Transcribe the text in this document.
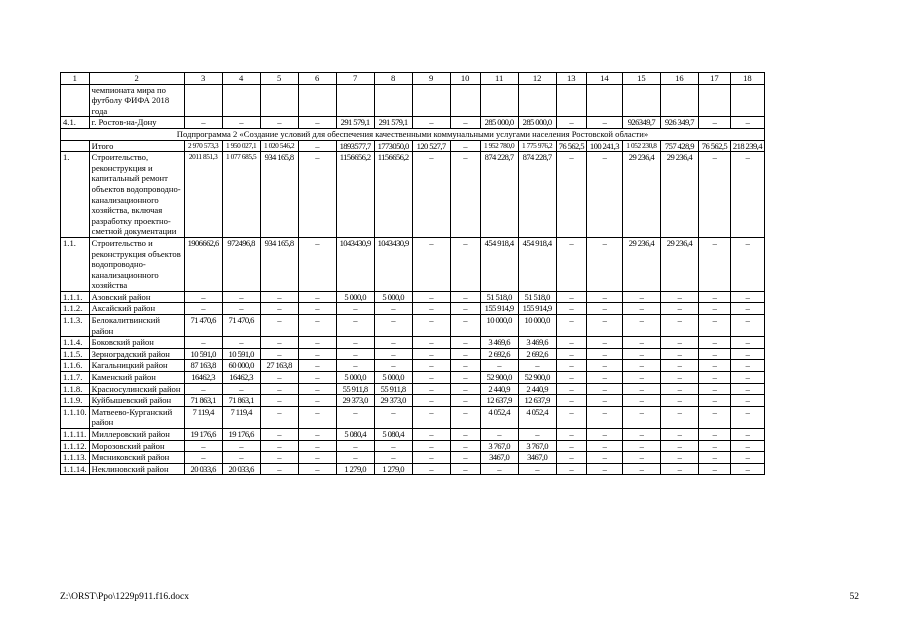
1	2	3	4	5	6	7	8	9	10	11	12	13	14	15	16	17	18
	чемпионата мира по футболу ФИФА 2018 года																
4.1.	г. Ростов-на-Дону	–	–	–	–	291 579,1	291 579,1	–	–	285 000,0	285 000,0	–	–	926349,7	926 349,7	–	–
Подпрограмма 2 «Создание условий для обеспечения качественными коммунальными услугами населения Ростовской области»																	
	Итого	2 970 573,3	1 950 027,1	1 020 546,2	–	1893577,7	1773050,0	120 527,7	–	1 952 780,0	1 775 976,2	76 562,5	100 241,3	1 052 230,8	757 428,9	76 562,5	218 239,4
1.	Строительство, реконструкция и капитальный ремонт объектов водопроводно-канализационного хозяйства, включая разработку проектно-сметной документации	2011 851,3	1 077 685,5	934 165,8	–	1156656,2	1156656,2	–	–	874 228,7	874 228,7	–	–	29 236,4	29 236,4	–	–
1.1.	Строительство и реконструкция объектов водопроводно-канализационного хозяйства	1906662,6	972496,8	934 165,8	–	1043430,9	1043430,9	–	–	454 918,4	454 918,4	–	–	29 236,4	29 236,4	–	–
1.1.1.	Азовский район	–	–	–	–	5 000,0	5 000,0	–	–	51 518,0	51 518,0	–	–	–	–	–	–
1.1.2.	Аксайский район	–	–	–	–	–	–	–	–	155 914,9	155 914,9	–	–	–	–	–	–
1.1.3.	Белокалитвинский район	71 470,6	71 470,6	–	–	–	–	–	–	10 000,0	10 000,0	–	–	–	–	–	–
1.1.4.	Боковский район	–	–	–	–	–	–	–	–	3 469,6	3 469,6	–	–	–	–	–	–
1.1.5.	Зерноградский район	10 591,0	10 591,0	–	–	–	–	–	–	2 692,6	2 692,6	–	–	–	–	–	–
1.1.6.	Кагальницкий район	87 163,8	60 000,0	27 163,8	–	–	–	–	–	–	–	–	–	–	–	–	–
1.1.7.	Каменский район	16462,3	16462,3	–	–	5 000,0	5 000,0	–	–	52 900,0	52 900,0	–	–	–	–	–	–
1.1.8.	Красносулинский район	–	–	–	–	55 911,8	55 911,8	–	–	2 440,9	2 440,9	–	–	–	–	–	–
1.1.9.	Куйбышевский район	71 863,1	71 863,1	–	–	29 373,0	29 373,0	–	–	12 637,9	12 637,9	–	–	–	–	–	–
1.1.10.	Матвеево-Курганский район	7 119,4	7 119,4	–	–	–	–	–	–	4 052,4	4 052,4	–	–	–	–	–	–
1.1.11.	Миллеровский район	19 176,6	19 176,6	–	–	5 080,4	5 080,4	–	–	–	–	–	–	–	–	–	–
1.1.12.	Морозовский район	–	–	–	–	–	–	–	–	3 767,0	3 767,0	–	–	–	–	–	–
1.1.13.	Мясниковский район	–	–	–	–	–	–	–	–	3467,0	3467,0	–	–	–	–	–	–
1.1.14.	Неклиновский район	20 033,6	20 033,6	–	–	1 279,0	1 279,0	–	–	–	–	–	–	–	–	–	–
Z:\ORST\Ppo\1229p911.f16.docx	52
